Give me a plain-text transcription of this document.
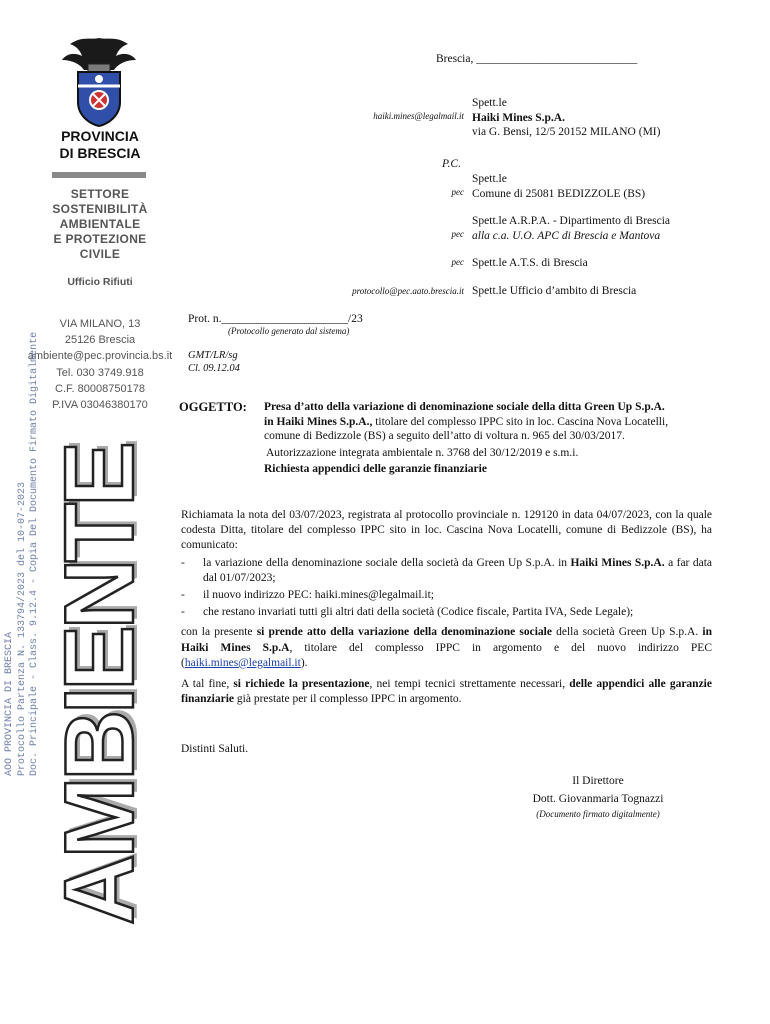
PROVINCIA
DI BRESCIA
SETTORE
SOSTENIBILITÀ
AMBIENTALE
E PROTEZIONE
CIVILE
Ufficio Rifiuti
VIA MILANO, 13
25126 Brescia
ambiente@pec.provincia.bs.it
Tel. 030 3749.918
C.F. 80008750178
P.IVA 03046380170
AOO PROVINCIA DI BRESCIA Protocollo Partenza N. 133794/2023 del 10-07-2023 Doc. Principale - Class. 9.12.4 - Copia Del Documento Firmato Digitalmente AMBIENTE
Brescia, ____________________________
haiki.mines@legalmail.it
Spett.le
Haiki Mines S.p.A.
via G. Bensi, 12/5 20152 MILANO (MI)
P.C.
pec
Spett.le
Comune di 25081 BEDIZZOLE (BS)
pec
Spett.le A.R.P.A. - Dipartimento di Brescia
alla c.a. U.O. APC di Brescia e Mantova
pec Spett.le A.T.S. di Brescia
protocollo@pec.aato.brescia.it Spett.le Ufficio d’ambito di Brescia
Prot. n.______________________/23
(Protocollo generato dal sistema)
GMT/LR/sg
Cl. 09.12.04
OGGETTO: Presa d’atto della variazione di denominazione sociale della ditta Green Up S.p.A.
in Haiki Mines S.p.A., titolare del complesso IPPC sito in loc. Cascina Nova Locatelli,
comune di Bedizzole (BS) a seguito dell’atto di voltura n. 965 del 30/03/2017.
Autorizzazione integrata ambientale n. 3768 del 30/12/2019 e s.m.i.
Richiesta appendici delle garanzie finanziarie

Richiamata la nota del 03/07/2023, registrata al protocollo provinciale n. 129120 in data 04/07/2023, con la quale codesta Ditta, titolare del complesso IPPC sito in loc. Cascina Nova Locatelli, comune di Bedizzole (BS), ha comunicato:

- la variazione della denominazione sociale della società da Green Up S.p.A. in Haiki Mines S.p.A. a far data dal 01/07/2023;
- il nuovo indirizzo PEC: haiki.mines@legalmail.it;
- che restano invariati tutti gli altri dati della società (Codice fiscale, Partita IVA, Sede Legale);

con la presente si prende atto della variazione della denominazione sociale della società Green Up S.p.A. in Haiki Mines S.p.A, titolare del complesso IPPC in argomento e del nuovo indirizzo PEC (haiki.mines@legalmail.it).

A tal fine, si richiede la presentazione, nei tempi tecnici strettamente necessari, delle appendici alle garanzie finanziarie già prestate per il complesso IPPC in argomento.

Distinti Saluti.
Il Direttore
Dott. Giovanmaria Tognazzi
(Documento firmato digitalmente)
